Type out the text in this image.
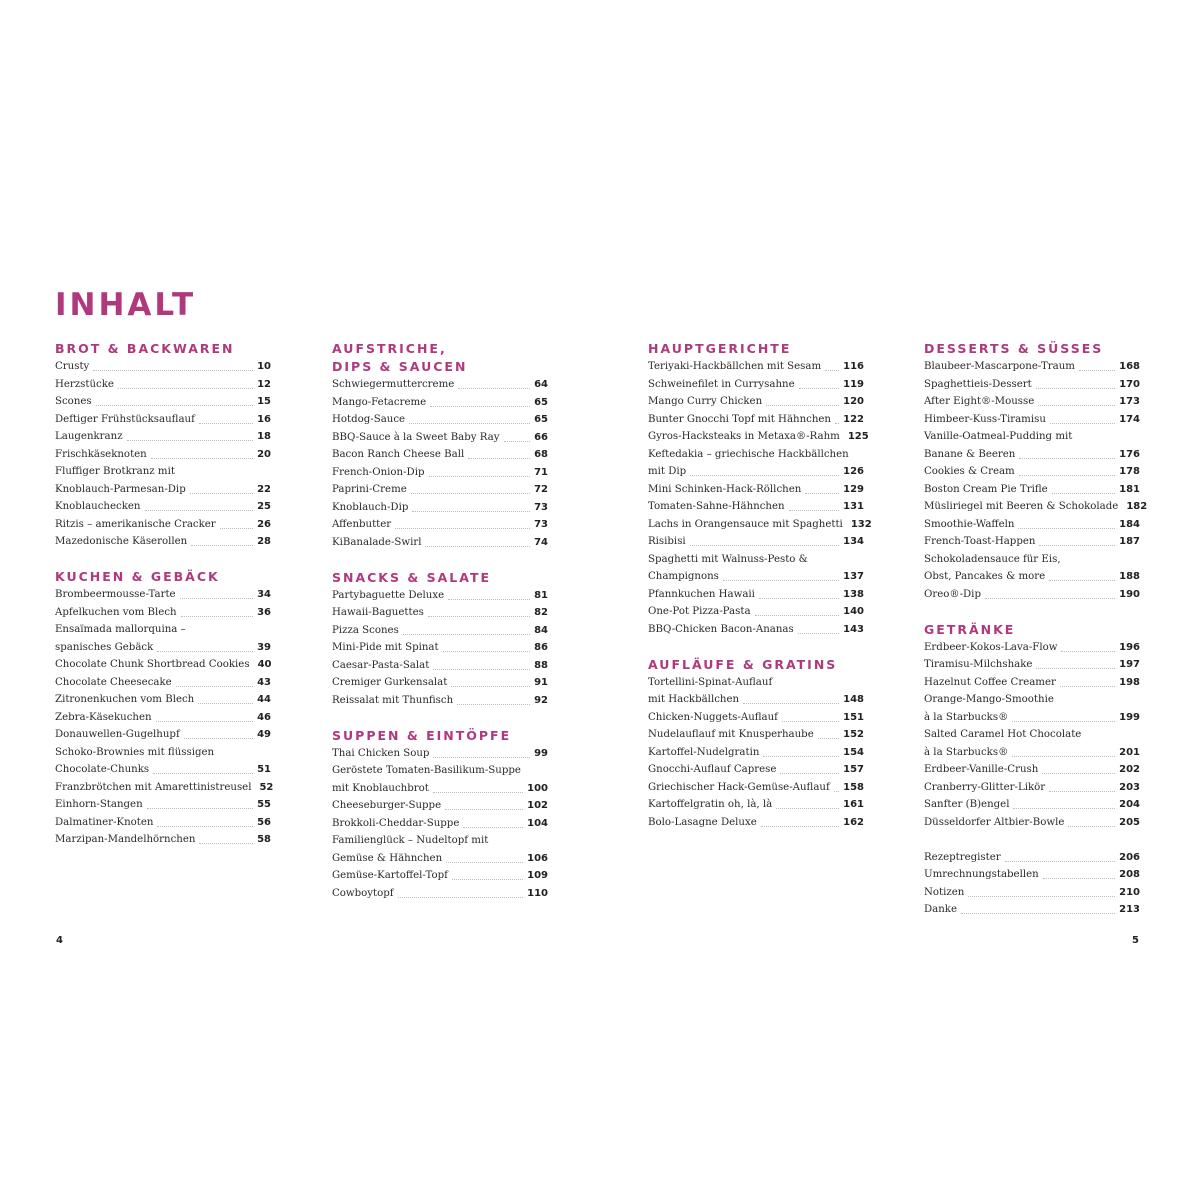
INHALT
BROT & BACKWAREN
Crusty	10
Herzstücke	12
Scones	15
Deftiger Frühstücksauflauf	16
Laugenkranz	18
Frischkäseknoten	20
Fluffiger Brotkranz mit
Knoblauch-Parmesan-Dip	22
Knoblauchecken	25
Ritzis – amerikanische Cracker	26
Mazedonische Käserollen	28
KUCHEN & GEBÄCK
Brombeermousse-Tarte	34
Apfelkuchen vom Blech	36
Ensaïmada mallorquina –
spanisches Gebäck	39
Chocolate Chunk Shortbread Cookies 40
Chocolate Cheesecake	43
Zitronenkuchen vom Blech	44
Zebra-Käsekuchen	46
Donauwellen-Gugelhupf	49
Schoko-Brownies mit flüssigen
Chocolate-Chunks	51
Franzbrötchen mit Amarettinistreusel 52
Einhorn-Stangen	55
Dalmatiner-Knoten	56
Marzipan-Mandelhörnchen	58
AUFSTRICHE,
DIPS & SAUCEN
Schwiegermuttercreme	64
Mango-Fetacreme	65
Hotdog-Sauce	65
BBQ-Sauce à la Sweet Baby Ray	66
Bacon Ranch Cheese Ball	68
French-Onion-Dip	71
Paprini-Creme	72
Knoblauch-Dip	73
Affenbutter	73
KiBanalade-Swirl	74
SNACKS & SALATE
Partybaguette Deluxe	81
Hawaii-Baguettes	82
Pizza Scones	84
Mini-Pide mit Spinat	86
Caesar-Pasta-Salat	88
Cremiger Gurkensalat	91
Reissalat mit Thunfisch	92
SUPPEN & EINTÖPFE
Thai Chicken Soup	99
Geröstete Tomaten-Basilikum-Suppe
mit Knoblauchbrot	100
Cheeseburger-Suppe	102
Brokkoli-Cheddar-Suppe	104
Familienglück – Nudeltopf mit
Gemüse & Hähnchen	106
Gemüse-Kartoffel-Topf	109
Cowboytopf	110
HAUPTGERICHTE
Teriyaki-Hackbällchen mit Sesam 116
Schweinefilet in Currysahne	119
Mango Curry Chicken	120
Bunter Gnocchi Topf mit Hähnchen 122
Gyros-Hacksteaks in Metaxa®-Rahm 125
Keftedakia – griechische Hackbällchen
mit Dip	126
Mini Schinken-Hack-Röllchen	129
Tomaten-Sahne-Hähnchen	131
Lachs in Orangensauce mit Spaghetti 132
Risibisi	134
Spaghetti mit Walnuss-Pesto &
Champignons	137
Pfannkuchen Hawaii	138
One-Pot Pizza-Pasta	140
BBQ-Chicken Bacon-Ananas	143
AUFLÄUFE & GRATINS
Tortellini-Spinat-Auflauf
mit Hackbällchen	148
Chicken-Nuggets-Auflauf	151
Nudelauflauf mit Knusperhaube	152
Kartoffel-Nudelgratin	154
Gnocchi-Auflauf Caprese	157
Griechischer Hack-Gemüse-Auflauf 158
Kartoffelgratin oh, là, là	161
Bolo-Lasagne Deluxe	162
DESSERTS & SÜSSES
Blaubeer-Mascarpone-Traum	168
Spaghettieis-Dessert	170
After Eight®-Mousse	173
Himbeer-Kuss-Tiramisu	174
Vanille-Oatmeal-Pudding mit
Banane & Beeren	176
Cookies & Cream	178
Boston Cream Pie Trifle	181
Müsliriegel mit Beeren & Schokolade 182
Smoothie-Waffeln	184
French-Toast-Happen	187
Schokoladensauce für Eis,
Obst, Pancakes & more	188
Oreo®-Dip	190
GETRÄNKE
Erdbeer-Kokos-Lava-Flow	196
Tiramisu-Milchshake	197
Hazelnut Coffee Creamer	198
Orange-Mango-Smoothie
à la Starbucks®	199
Salted Caramel Hot Chocolate
à la Starbucks®	201
Erdbeer-Vanille-Crush	202
Cranberry-Glitter-Likör	203
Sanfter (B)engel	204
Düsseldorfer Altbier-Bowle	205
Rezeptregister	206
Umrechnungstabellen	208
Notizen	210
Danke	213
4	5
